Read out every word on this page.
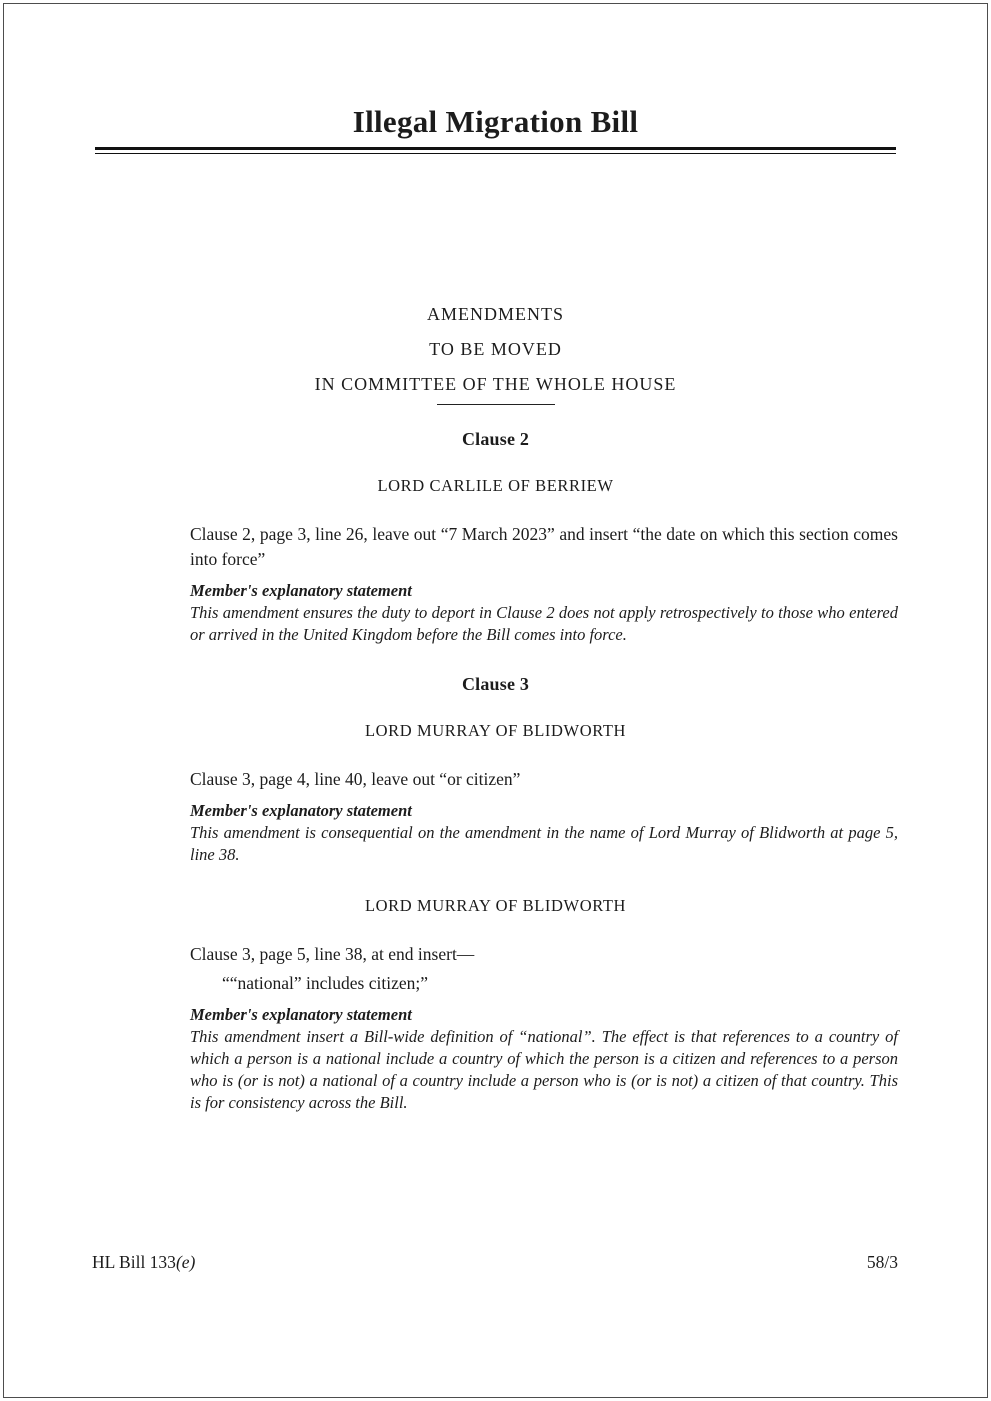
Illegal Migration Bill
AMENDMENTS
TO BE MOVED
IN COMMITTEE OF THE WHOLE HOUSE
Clause 2
LORD CARLILE OF BERRIEW

Clause 2, page 3, line 26, leave out “7 March 2023” and insert “the date on which this section comes into force”

Member's explanatory statement

This amendment ensures the duty to deport in Clause 2 does not apply retrospectively to those who entered or arrived in the United Kingdom before the Bill comes into force.

Clause 3
LORD MURRAY OF BLIDWORTH

Clause 3, page 4, line 40, leave out “or citizen”

Member's explanatory statement

This amendment is consequential on the amendment in the name of Lord Murray of Blidworth at page 5, line 38.

LORD MURRAY OF BLIDWORTH

Clause 3, page 5, line 38, at end insert—

““national” includes citizen;”

Member's explanatory statement

This amendment insert a Bill-wide definition of “national”. The effect is that references to a country of which a person is a national include a country of which the person is a citizen and references to a person who is (or is not) a national of a country include a person who is (or is not) a citizen of that country. This is for consistency across the Bill.

HL Bill 133(e)	58/3
